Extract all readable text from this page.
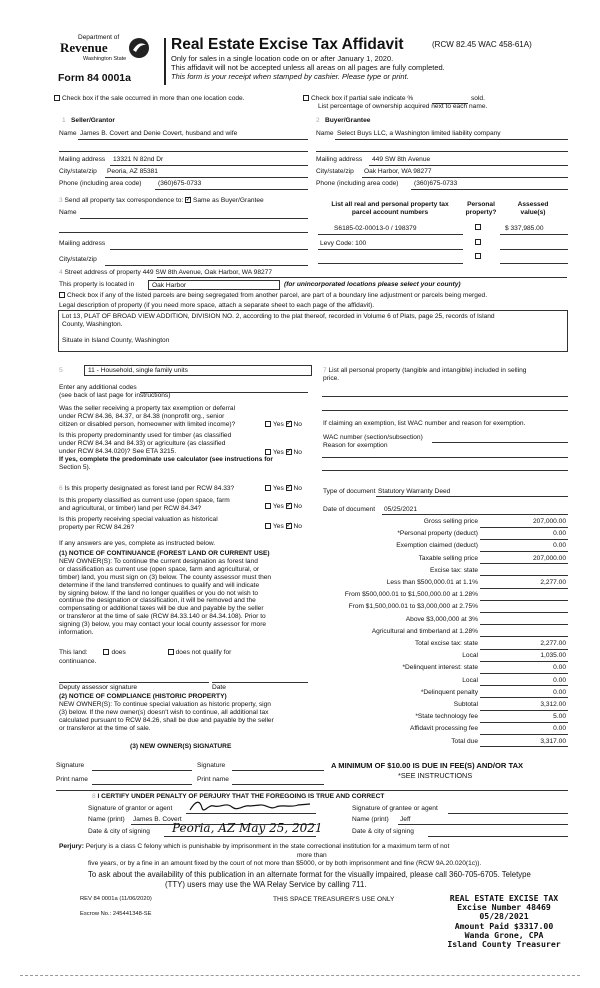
Department of
Revenue
Washington State
Form 84 0001a
Real Estate Excise Tax Affidavit	(RCW 82.45 WAC 458-61A)
Only for sales in a single location code on or after January 1, 2020.
This affidavit will not be accepted unless all areas on all pages are fully completed.
This form is your receipt when stamped by cashier. Please type or print.
Check box if the sale occurred in more than one location code.	Check box if partial sale indicate %	sold.
List percentage of ownership acquired next to each name.
1 Seller/Grantor
Name James B. Covert and Denie Covert, husband and wife
Mailing address 13321 N 82nd Dr
City/state/zip Peoria, AZ 85381
Phone (including area code)	(360)675-0733
2 Buyer/Grantee
Name Select Buys LLC, a Washington limited liability company
Mailing address 449 SW 8th Avenue
City/state/zip Oak Harbor, WA 98277
Phone (including area code) (360)675-0733
3 Send all property tax correspondence to: ✓ Same as Buyer/Grantee
Name
Mailing address
City/state/zip
List all real and personal property tax
parcel account numbers
Personal
property?
Assessed
value(s)
S6185-02-00013-0 / 198379	$ 337,985.00
Levy Code: 100
4 Street address of property 449 SW 8th Avenue, Oak Harbor, WA 98277
This property is located in	Oak Harbor	(for unincorporated locations please select your county)
Check box if any of the listed parcels are being segregated from another parcel, are part of a boundary line adjustment or parcels being merged.
Legal description of property (if you need more space, attach a separate sheet to each page of the affidavit).
Lot 13, PLAT OF BROAD VIEW ADDITION, DIVISION NO. 2, according to the plat thereof, recorded in Volume 6 of Plats, page 25, records of Island
County, Washington.
Situate in Island County, Washington
5	11 - Household, single family units
Enter any additional codes
(see back of last page for instructions)
Was the seller receiving a property tax exemption or deferral
under RCW 84.36, 84.37, or 84.38 (nonprofit org., senior
citizen or disabled person, homeowner with limited income)?	Yes ✓ No
Is this property predominantly used for timber (as classified
under RCW 84.34 and 84.33) or agriculture (as classified
under RCW 84.34.020)? See ETA 3215.
If yes, complete the predominate use calculator (see instructions for
Section 5).
Yes ✓ No
6 Is this property designated as forest land per RCW 84.33?	Yes ✓ No
Is this property classified as current use (open space, farm
and agricultural, or timber) land per RCW 84.34?	Yes ✓ No
Is this property receiving special valuation as historical
property per RCW 84.26?	Yes ✓ No
If any answers are yes, complete as instructed below.
(1) NOTICE OF CONTINUANCE (FOREST LAND OR CURRENT USE)
NEW OWNER(S): To continue the current designation as forest land
or classification as current use (open space, farm and agricultural, or
timber) land, you must sign on (3) below. The county assessor must then
determine if the land transferred continues to qualify and will indicate
by signing below. If the land no longer qualifies or you do not wish to
continue the designation or classification, it will be removed and the
compensating or additional taxes will be due and payable by the seller
or transferor at the time of sale (RCW 84.33.140 or 84.34.108). Prior to
signing (3) below, you may contact your local county assessor for more
information.
This land:	does	does not qualify for
continuance.
Deputy assessor signature	Date
(2) NOTICE OF COMPLIANCE (HISTORIC PROPERTY)
NEW OWNER(S): To continue special valuation as historic property, sign
(3) below. If the new owner(s) doesn't wish to continue, all additional tax
calculated pursuant to RCW 84.26, shall be due and payable by the seller
or transferor at the time of sale.
(3) NEW OWNER(S) SIGNATURE
Signature	Signature
Print name	Print name
7 List all personal property (tangible and intangible) included in selling
price.
If claiming an exemption, list WAC number and reason for exemption.
WAC number (section/subsection)
Reason for exemption
Type of document Statutory Warranty Deed
Date of document 05/25/2021
Gross selling price	207,000.00
*Personal property (deduct)	0.00
Exemption claimed (deduct)	0.00
Taxable selling price	207,000.00
Excise tax: state
Less than $500,000.01 at 1.1%	2,277.00
From $500,000.01 to $1,500,000.00 at 1.28%
From $1,500,000.01 to $3,000,000 at 2.75%
Above $3,000,000 at 3%
Agricultural and timberland at 1.28%
Total excise tax: state	2,277.00
Local	1,035.00
*Delinquent interest: state	0.00
Local	0.00
*Delinquent penalty	0.00
Subtotal	3,312.00
*State technology fee	5.00
Affidavit processing fee	0.00
Total due	3,317.00
A MINIMUM OF $10.00 IS DUE IN FEE(S) AND/OR TAX
*SEE INSTRUCTIONS
8 I CERTIFY UNDER PENALTY OF PERJURY THAT THE FOREGOING IS TRUE AND CORRECT
Signature of grantor or agent	Signature of grantee or agent
Name (print) James B. Covert	Name (print) Jeff
Date & city of signing Peoria, AZ May 25, 2021	Date & city of signing
Perjury: Perjury is a class C felony which is punishable by imprisonment in the state correctional institution for a maximum term of not
more than
five years, or by a fine in an amount fixed by the court of not more than $5000, or by both imprisonment and fine (RCW 9A.20.020(1c)).
To ask about the availability of this publication in an alternate format for the visually impaired, please call 360-705-6705. Teletype
(TTY) users may use the WA Relay Service by calling 711.
REV 84 0001a (11/06/2020)
Escrow No.: 245441348-SE
THIS SPACE TREASURER'S USE ONLY	REAL ESTATE EXCISE TAX
Excise Number 48469
05/28/2021
Amount Paid $3317.00
Wanda Grone, CPA
Island County Treasurer
